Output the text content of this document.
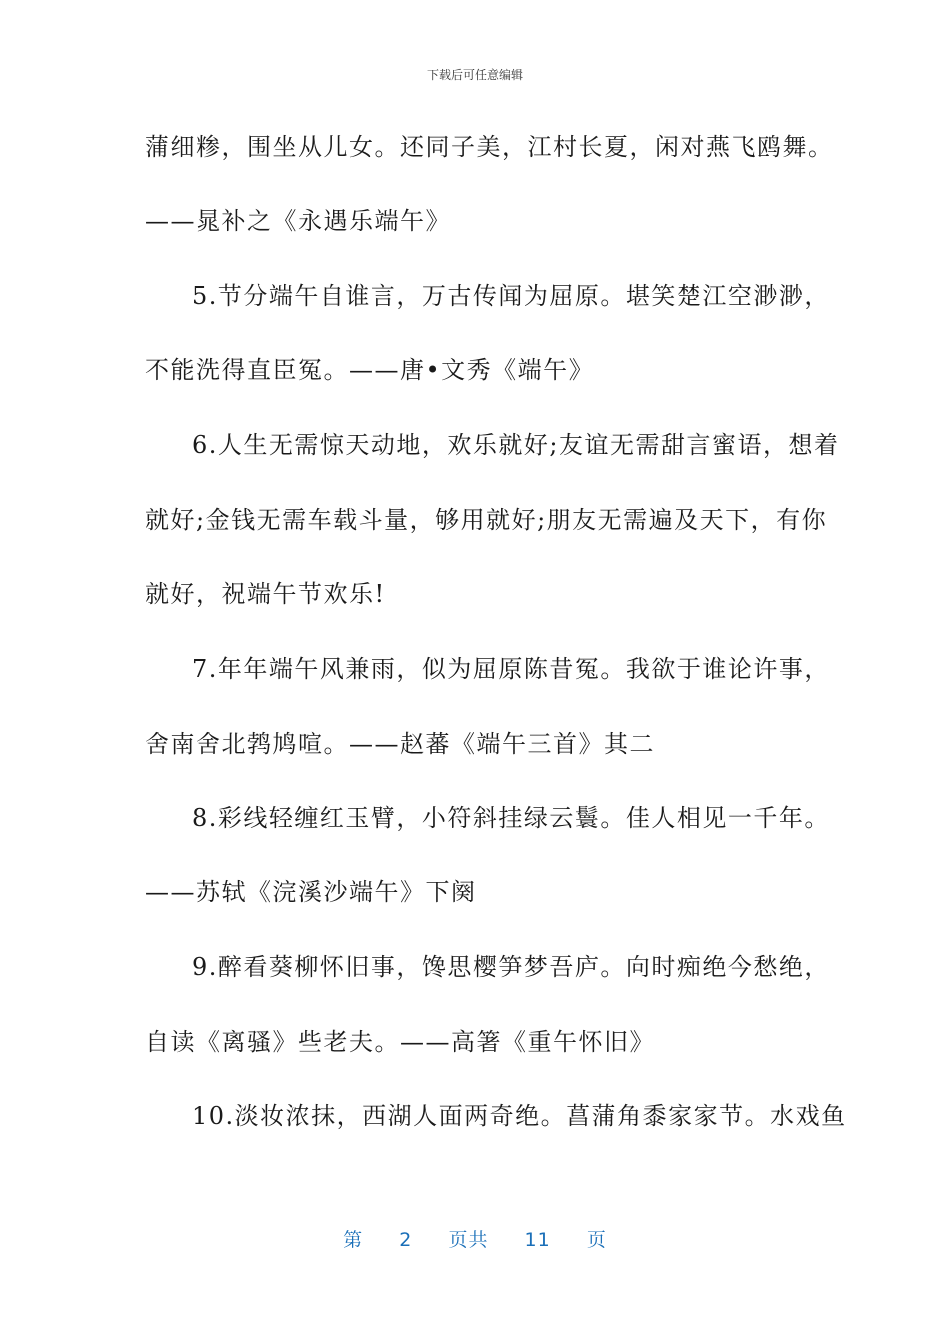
下载后可任意编辑
蒲细糁，围坐从儿女。还同子美，江村长夏，闲对燕飞鸥舞。
——晁补之《永遇乐端午》
5.节分端午自谁言，万古传闻为屈原。堪笑楚江空渺渺，
不能洗得直臣冤。——唐•文秀《端午》
6.人生无需惊天动地，欢乐就好;友谊无需甜言蜜语，想着
就好;金钱无需车载斗量，够用就好;朋友无需遍及天下，有你
就好，祝端午节欢乐!
7.年年端午风兼雨，似为屈原陈昔冤。我欲于谁论许事，
舍南舍北鹁鸠喧。——赵蕃《端午三首》其二
8.彩线轻缠红玉臂，小符斜挂绿云鬟。佳人相见一千年。
——苏轼《浣溪沙端午》下阕
9.醉看葵柳怀旧事，馋思樱笋梦吾庐。向时痴绝今愁绝，
自读《离骚》些老夫。——高箸《重午怀旧》
10.淡妆浓抹，西湖人面两奇绝。菖蒲角黍家家节。水戏鱼
第 2 页共 11 页
